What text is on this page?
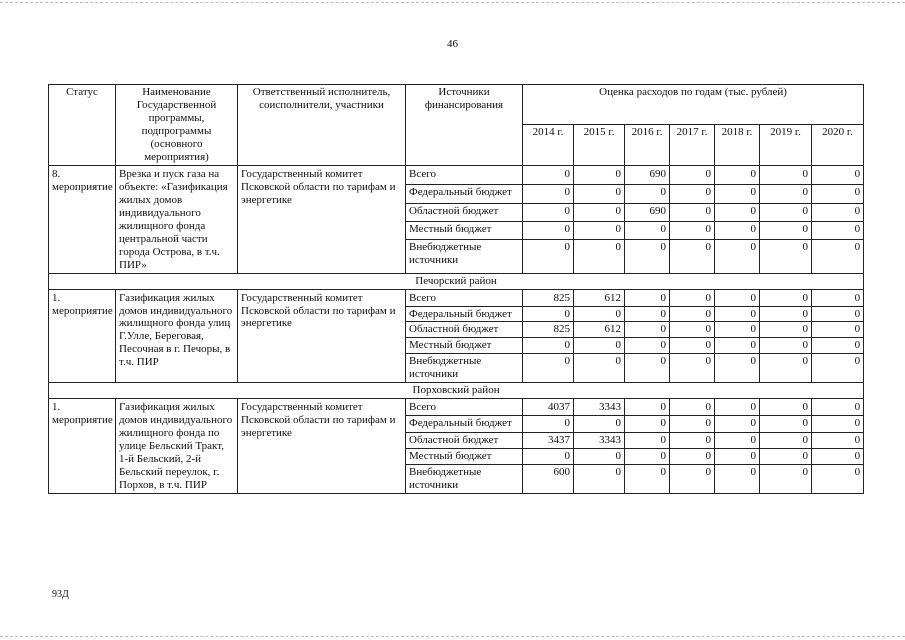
46
Статус	Наименование Государственной программы, подпрограммы (основного мероприятия)	Ответственный исполнитель, соисполнители, участники	Источники финансирования	Оценка расходов по годам (тыс. рублей)						
				2014 г.	2015 г.	2016 г.	2017 г.	2018 г.	2019 г.	2020 г.
8. мероприятие	Врезка и пуск газа на объекте: «Газификация жилых домов индивидуального жилищного фонда центральной части города Острова, в т.ч. ПИР»	Государственный комитет Псковской области по тарифам и энергетике	Всего	0	0	690	0	0	0	0
			Федеральный бюджет	0	0	0	0	0	0	0
			Областной бюджет	0	0	690	0	0	0	0
			Местный бюджет	0	0	0	0	0	0	0
			Внебюджетные источники	0	0	0	0	0	0	0
Печорский район										
1. мероприятие	Газификация жилых домов индивидуального жилищного фонда улиц Г.Улле, Береговая, Песочная в г. Печоры, в т.ч. ПИР	Государственный комитет Псковской области по тарифам и энергетике	Всего	825	612	0	0	0	0	0
			Федеральный бюджет	0	0	0	0	0	0	0
			Областной бюджет	825	612	0	0	0	0	0
			Местный бюджет	0	0	0	0	0	0	0
			Внебюджетные источники	0	0	0	0	0	0	0
Порховский район										
1. мероприятие	Газификация жилых домов индивидуального жилищного фонда по улице Бельский Тракт, 1-й Бельский, 2-й Бельский переулок, г. Порхов, в т.ч. ПИР	Государственный комитет Псковской области по тарифам и энергетике	Всего	4037	3343	0	0	0	0	0
			Федеральный бюджет	0	0	0	0	0	0	0
			Областной бюджет	3437	3343	0	0	0	0	0
			Местный бюджет	0	0	0	0	0	0	0
			Внебюджетные источники	600	0	0	0	0	0	0
93Д
